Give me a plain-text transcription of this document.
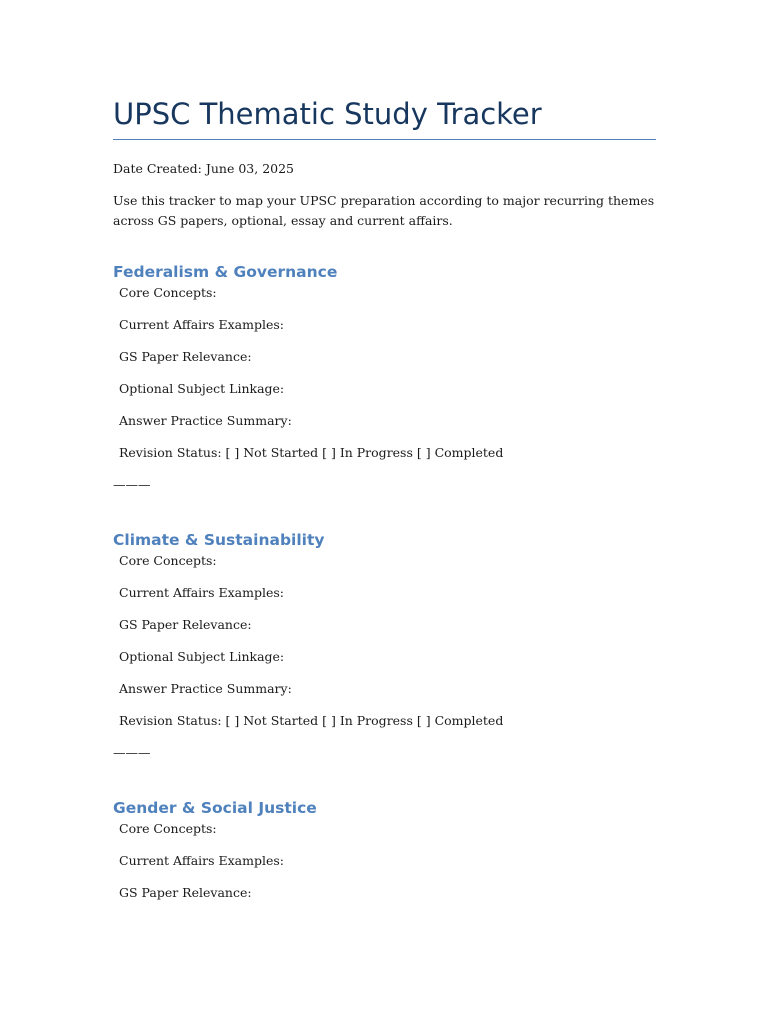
UPSC Thematic Study Tracker
Date Created: June 03, 2025

Use this tracker to map your UPSC preparation according to major recurring themes across GS papers, optional, essay and current affairs.

Federalism & Governance

Core Concepts:

Current Affairs Examples:

GS Paper Relevance:

Optional Subject Linkage:

Answer Practice Summary:

Revision Status: [ ] Not Started [ ] In Progress [ ] Completed

———
Climate & Sustainability

Core Concepts:

Current Affairs Examples:

GS Paper Relevance:

Optional Subject Linkage:

Answer Practice Summary:

Revision Status: [ ] Not Started [ ] In Progress [ ] Completed

———
Gender & Social Justice

Core Concepts:

Current Affairs Examples:

GS Paper Relevance:
